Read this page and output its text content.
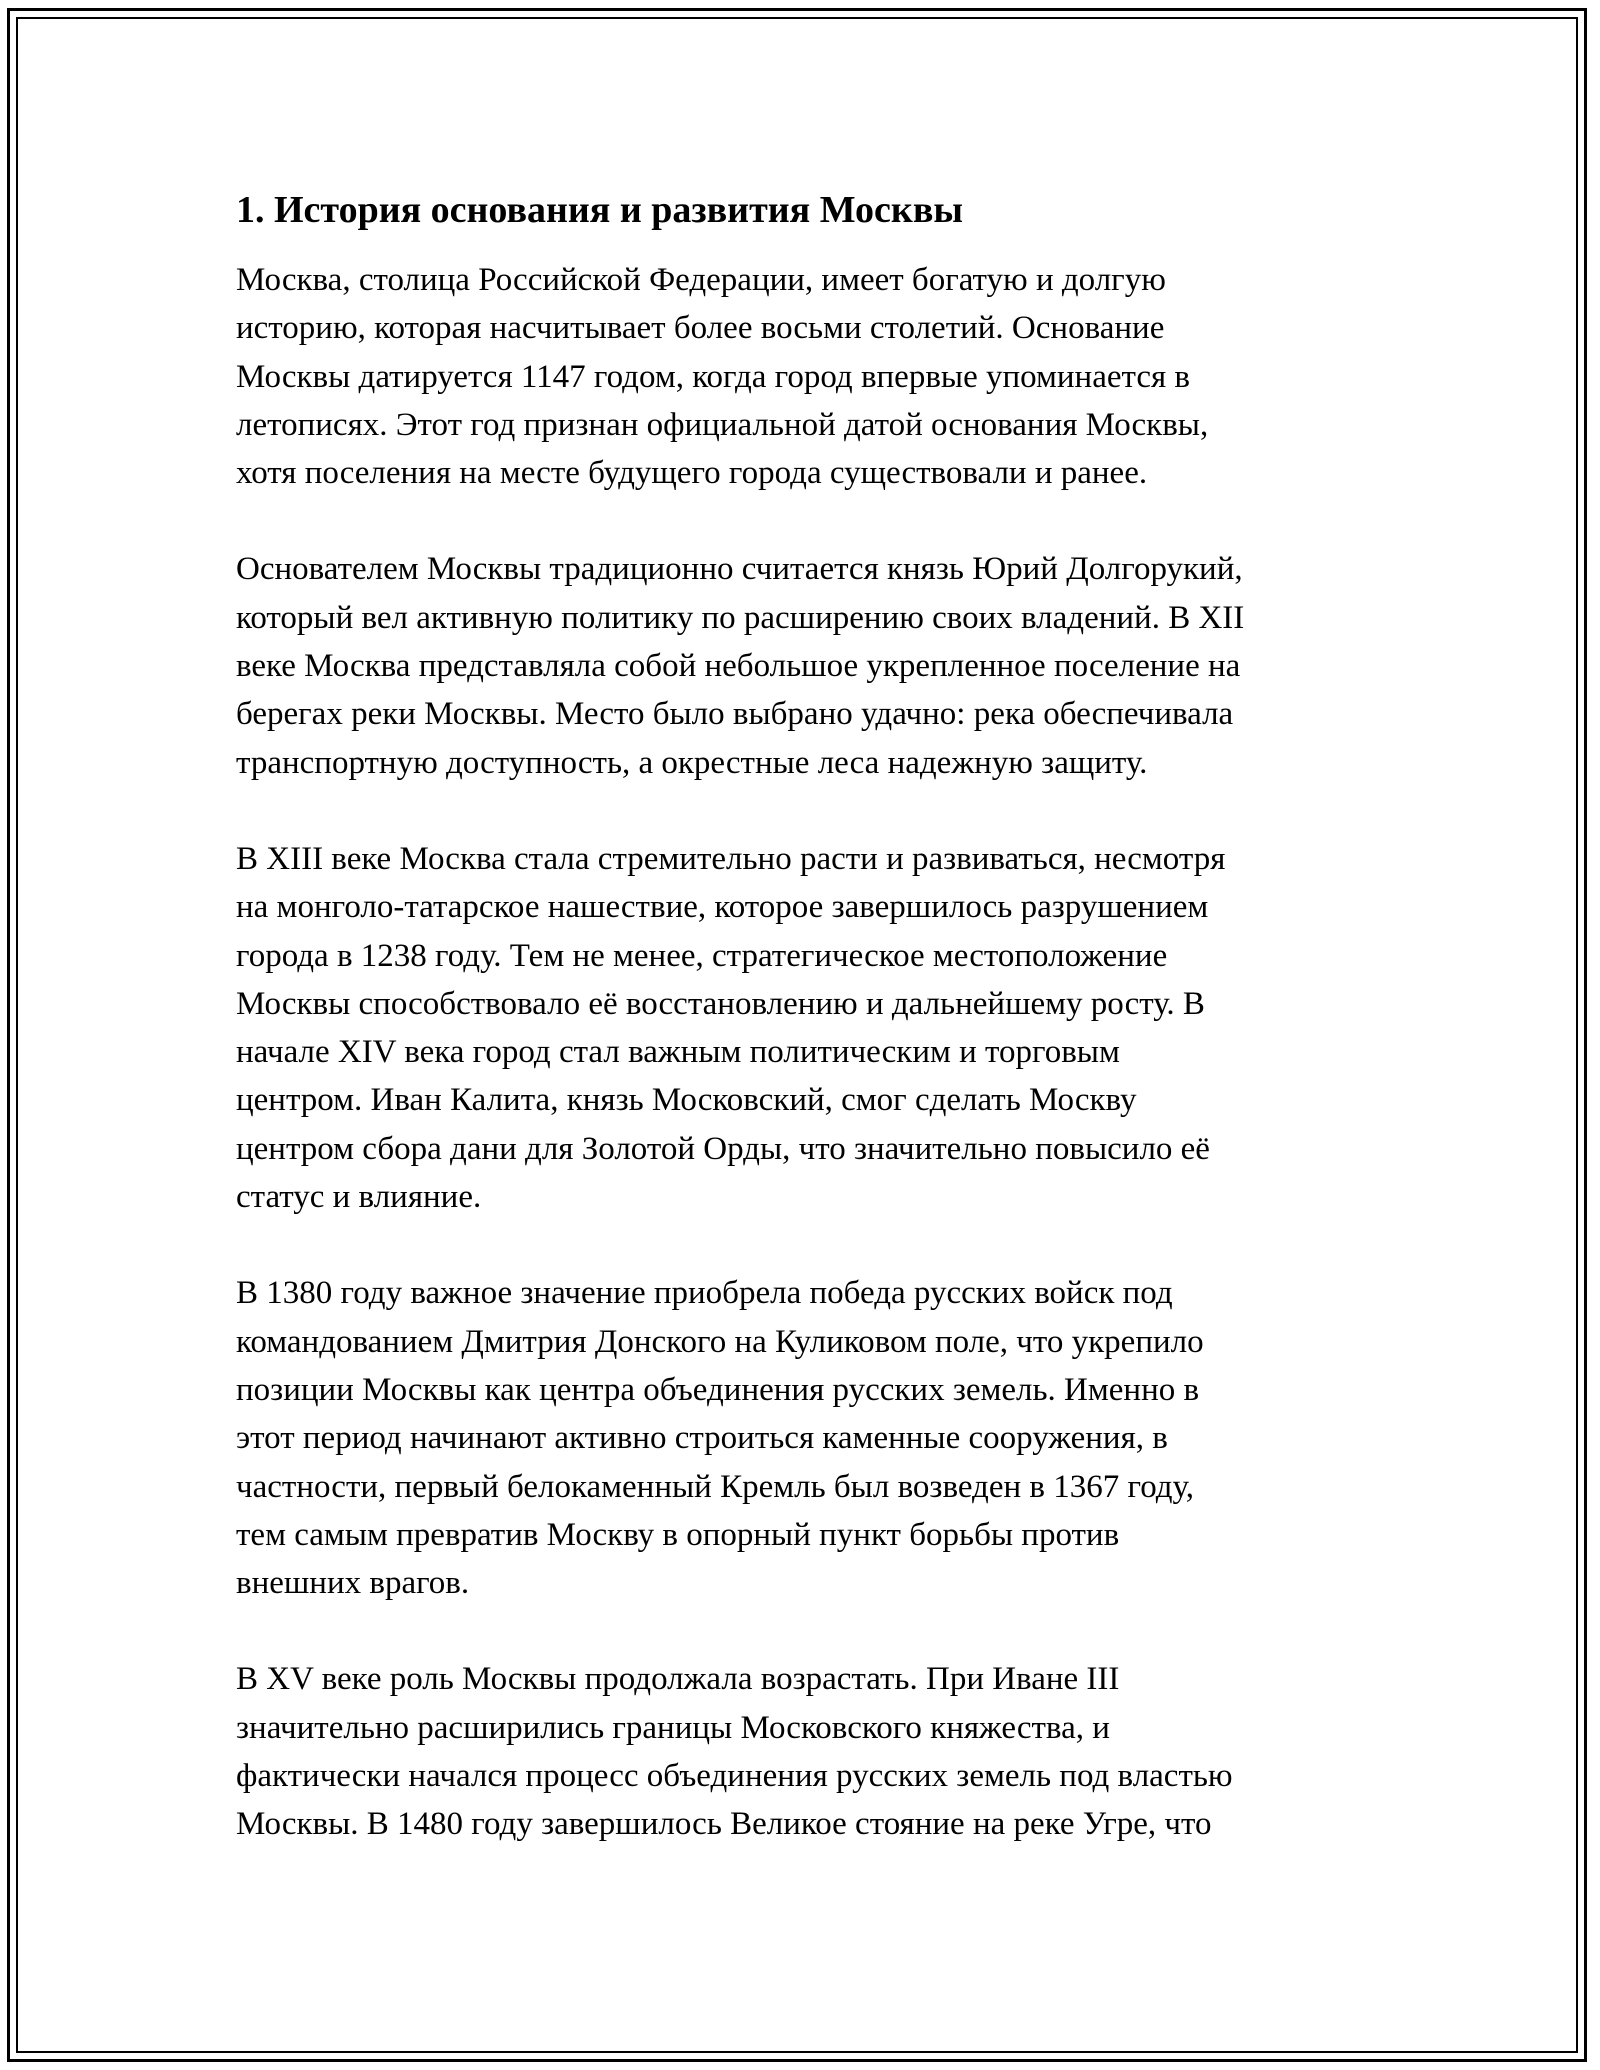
1. История основания и развития Москвы
Москва, столица Российской Федерации, имеет богатую и долгую
историю, которая насчитывает более восьми столетий. Основание
Москвы датируется 1147 годом, когда город впервые упоминается в
летописях. Этот год признан официальной датой основания Москвы,
хотя поселения на месте будущего города существовали и ранее.
Основателем Москвы традиционно считается князь Юрий Долгорукий,
который вел активную политику по расширению своих владений. В XII
веке Москва представляла собой небольшое укрепленное поселение на
берегах реки Москвы. Место было выбрано удачно: река обеспечивала
транспортную доступность, а окрестные леса надежную защиту.
В XIII веке Москва стала стремительно расти и развиваться, несмотря
на монголо-татарское нашествие, которое завершилось разрушением
города в 1238 году. Тем не менее, стратегическое местоположение
Москвы способствовало её восстановлению и дальнейшему росту. В
начале XIV века город стал важным политическим и торговым
центром. Иван Калита, князь Московский, смог сделать Москву
центром сбора дани для Золотой Орды, что значительно повысило её
статус и влияние.
В 1380 году важное значение приобрела победа русских войск под
командованием Дмитрия Донского на Куликовом поле, что укрепило
позиции Москвы как центра объединения русских земель. Именно в
этот период начинают активно строиться каменные сооружения, в
частности, первый белокаменный Кремль был возведен в 1367 году,
тем самым превратив Москву в опорный пункт борьбы против
внешних врагов.
В XV веке роль Москвы продолжала возрастать. При Иване III
значительно расширились границы Московского княжества, и
фактически начался процесс объединения русских земель под властью
Москвы. В 1480 году завершилось Великое стояние на реке Угре, что
